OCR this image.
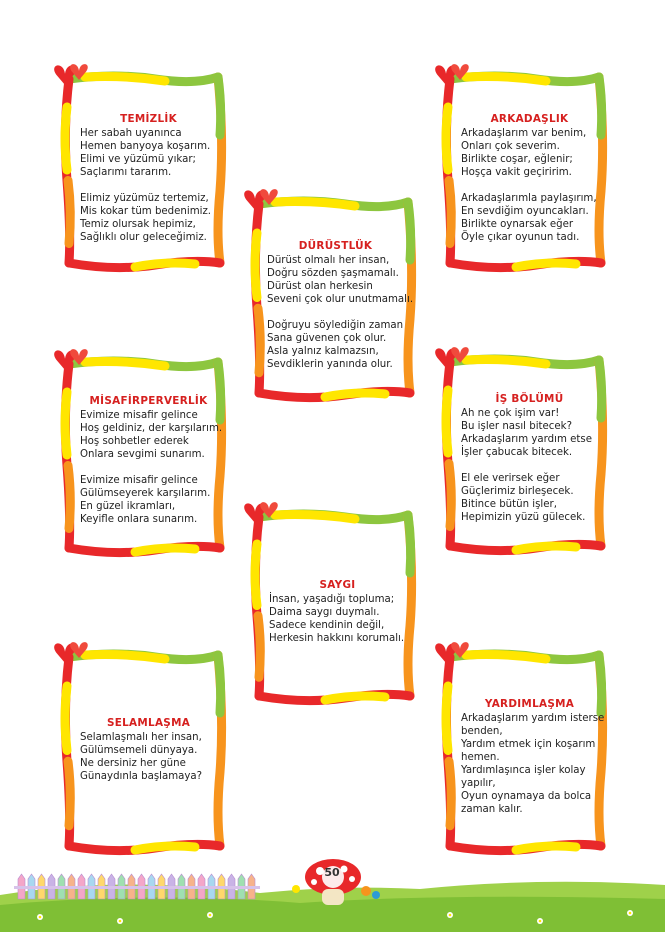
TEMİZLİK
Her sabah uyanınca
Hemen banyoya koşarım.
Elimi ve yüzümü yıkar;
Saçlarımı tararım.
Elimiz yüzümüz tertemiz,
Mis kokar tüm bedenimiz.
Temiz olursak hepimiz,
Sağlıklı olur geleceğimiz.
ARKADAŞLIK
Arkadaşlarım var benim,
Onları çok severim.
Birlikte coşar, eğlenir;
Hoşça vakit geçiririm.
Arkadaşlarımla paylaşırım,
En sevdiğim oyuncakları.
Birlikte oynarsak eğer
Öyle çıkar oyunun tadı.
DÜRÜSTLÜK
Dürüst olmalı her insan,
Doğru sözden şaşmamalı.
Dürüst olan herkesin
Seveni çok olur unutmamalı.
Doğruyu söylediğin zaman
Sana güvenen çok olur.
Asla yalnız kalmazsın,
Sevdiklerin yanında olur.
MİSAFİRPERVERLİK
Evimize misafir gelince
Hoş geldiniz, der karşılarım.
Hoş sohbetler ederek
Onlara sevgimi sunarım.
Evimize misafir gelince
Gülümseyerek karşılarım.
En güzel ikramları,
Keyifle onlara sunarım.
İŞ BÖLÜMÜ
Ah ne çok işim var!
Bu işler nasıl bitecek?
Arkadaşlarım yardım etse
İşler çabucak bitecek.
El ele verirsek eğer
Güçlerimiz birleşecek.
Bitince bütün işler,
Hepimizin yüzü gülecek.
SAYGI
İnsan, yaşadığı topluma;
Daima saygı duymalı.
Sadece kendinin değil,
Herkesin hakkını korumalı.
SELAMLAŞMA
Selamlaşmalı her insan,
Gülümsemeli dünyaya.
Ne dersiniz her güne
Günaydınla başlamaya?
YARDIMLAŞMA
Arkadaşlarım yardım isterse
benden,
Yardım etmek için koşarım
hemen.
Yardımlaşınca işler kolay
yapılır,
Oyun oynamaya da bolca
zaman kalır.
50
